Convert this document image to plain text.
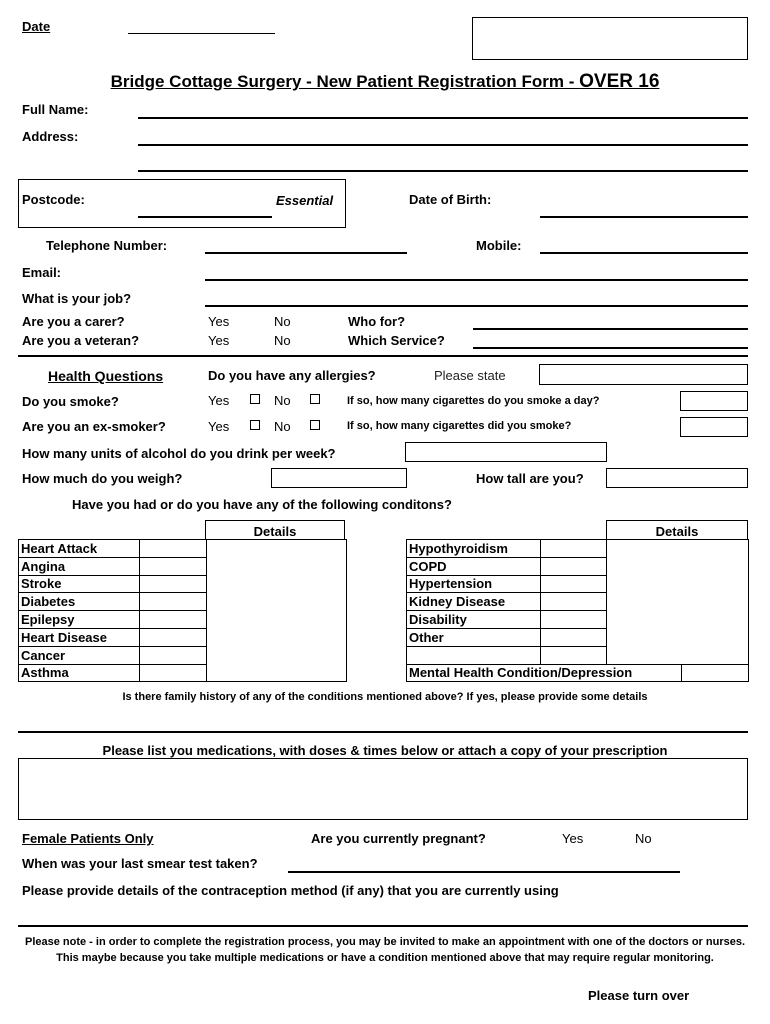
Date
Bridge Cottage Surgery - New Patient Registration Form - OVER 16
Full Name:
Address:
Postcode:	Essential	Date of Birth:
Telephone Number:	Mobile:
Email:
What is your job?
Are you a carer?	Yes	No	Who for?
Are you a veteran?	Yes	No	Which Service?
Health Questions	Do you have any allergies?	Please state
Do you smoke?	Yes	No	If so, how many cigarettes do you smoke a day?
Are you an ex-smoker?	Yes	No	If so, how many cigarettes did you smoke?
How many units of alcohol do you drink per week?
How much do you weigh?	How tall are you?
Have you had or do you have any of the following conditons?
Details
Heart Attack		
Angina		
Stroke		
Diabetes		
Epilepsy		
Heart Disease		
Cancer		
Asthma		
Details
Hypothyroidism			
COPD			
Hypertension			
Kidney Disease			
Disability			
Other			

Mental Health Condition/Depression			
Is there family history of any of the conditions mentioned above? If yes, please provide some details
Please list you medications, with doses & times below or attach a copy of your prescription
Female Patients Only	Are you currently pregnant?	Yes	No
When was your last smear test taken?
Please provide details of the contraception method (if any) that you are currently using
Please note - in order to complete the registration process, you may be invited to make an appointment with one of the doctors or nurses. This maybe because you take multiple medications or have a condition mentioned above that may require regular monitoring.
Please turn over
